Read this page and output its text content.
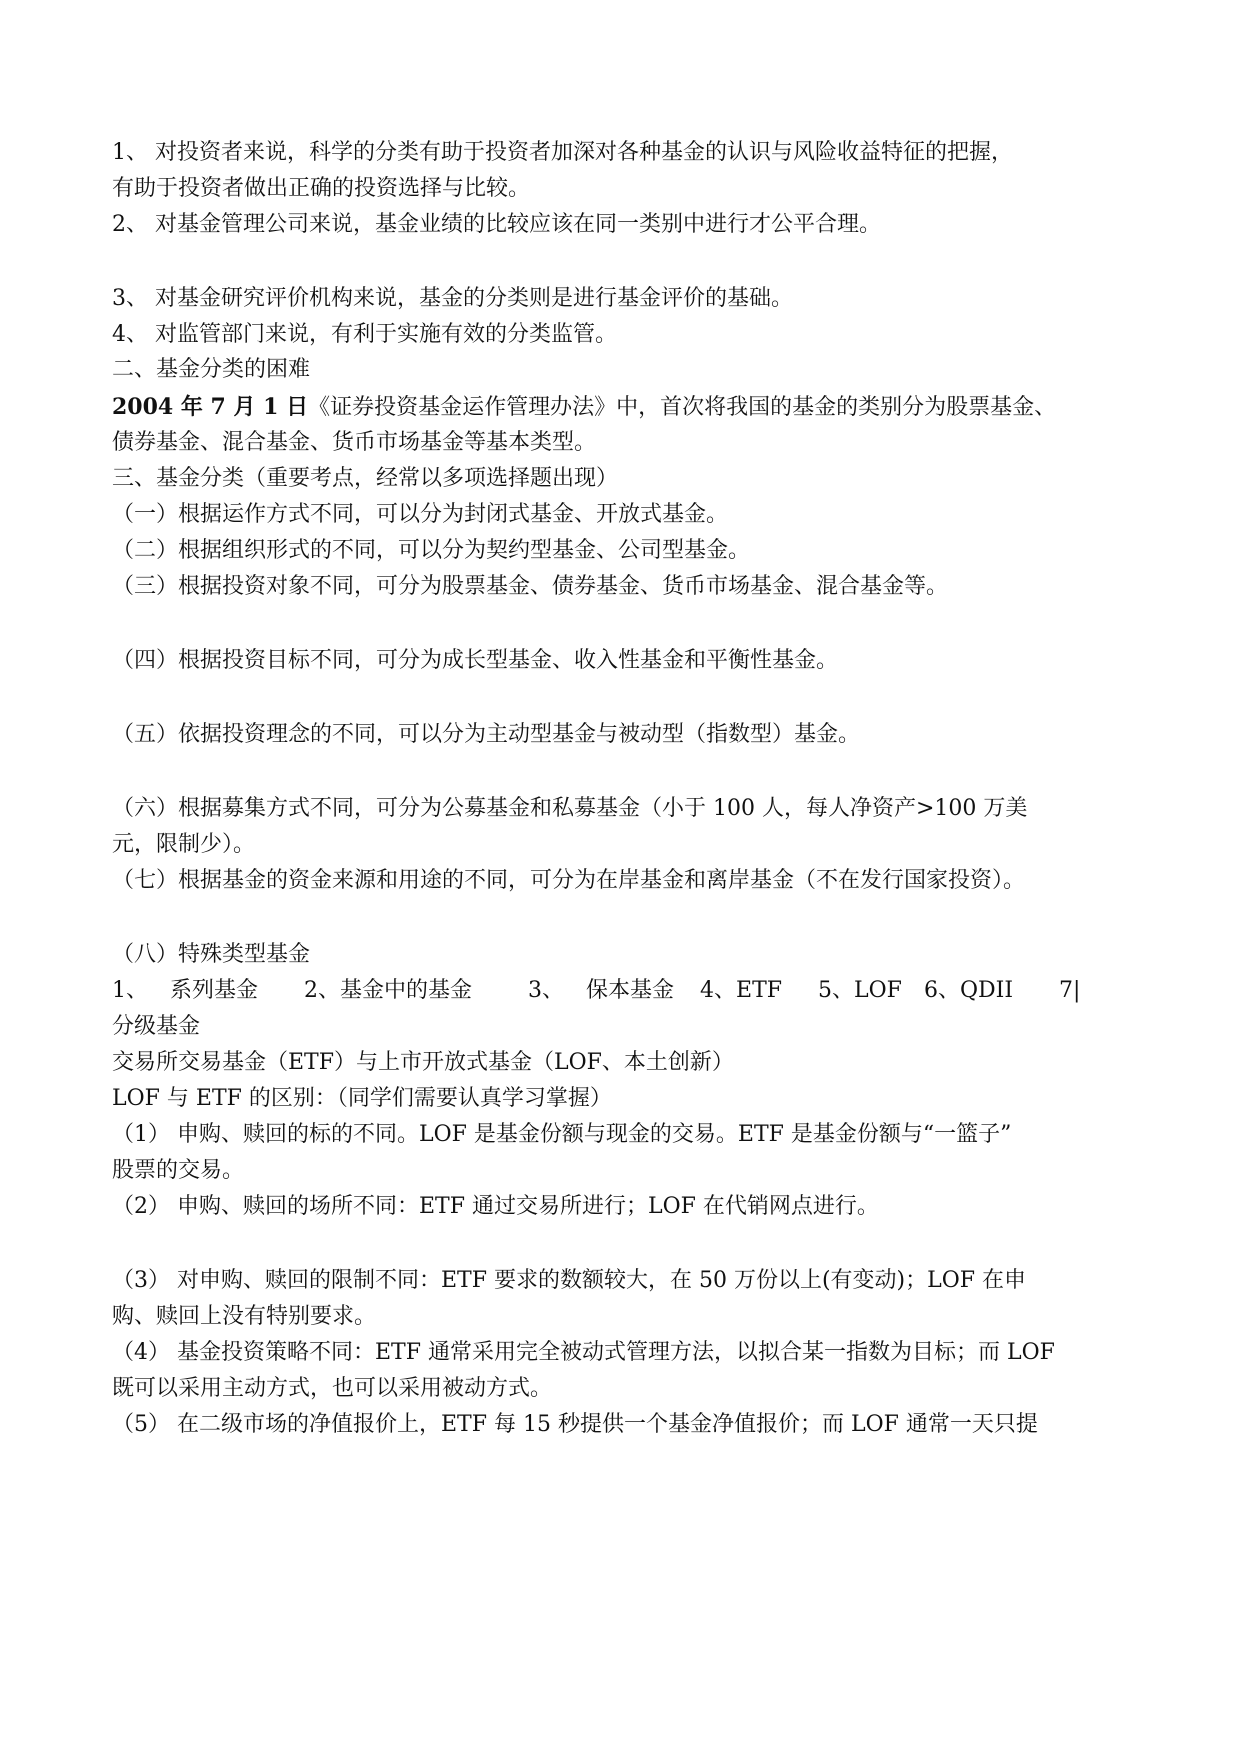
1、 对投资者来说，科学的分类有助于投资者加深对各种基金的认识与风险收益特征的把握，
有助于投资者做出正确的投资选择与比较。
2、 对基金管理公司来说，基金业绩的比较应该在同一类别中进行才公平合理。
3、 对基金研究评价机构来说，基金的分类则是进行基金评价的基础。
4、 对监管部门来说，有利于实施有效的分类监管。
二、基金分类的困难
2004 年 7 月 1 日《证券投资基金运作管理办法》中，首次将我国的基金的类别分为股票基金、
债券基金、混合基金、货币市场基金等基本类型。
三、基金分类（重要考点，经常以多项选择题出现）
（一）根据运作方式不同，可以分为封闭式基金、开放式基金。
（二）根据组织形式的不同，可以分为契约型基金、公司型基金。
（三）根据投资对象不同，可分为股票基金、债券基金、货币市场基金、混合基金等。
（四）根据投资目标不同，可分为成长型基金、收入性基金和平衡性基金。
（五）依据投资理念的不同，可以分为主动型基金与被动型（指数型）基金。
（六）根据募集方式不同，可分为公募基金和私募基金（小于 100 人，每人净资产>100 万美
元，限制少）。
（七）根据基金的资金来源和用途的不同，可分为在岸基金和离岸基金（不在发行国家投资）。
（八）特殊类型基金
1、 系列基金 2、基金中的基金	3、 保本基金 4、ETF 5、LOF 6、QDII 7|
分级基金
交易所交易基金（ETF）与上市开放式基金（LOF、本土创新）
LOF 与 ETF 的区别：（同学们需要认真学习掌握）
（1） 申购、赎回的标的不同。LOF 是基金份额与现金的交易。ETF 是基金份额与“一篮子”
股票的交易。
（2） 申购、赎回的场所不同：ETF 通过交易所进行；LOF 在代销网点进行。
（3） 对申购、赎回的限制不同：ETF 要求的数额较大，在 50 万份以上(有变动)；LOF 在申
购、赎回上没有特别要求。
（4） 基金投资策略不同：ETF 通常采用完全被动式管理方法，以拟合某一指数为目标；而 LOF
既可以采用主动方式，也可以采用被动方式。
（5） 在二级市场的净值报价上，ETF 每 15 秒提供一个基金净值报价；而 LOF 通常一天只提
